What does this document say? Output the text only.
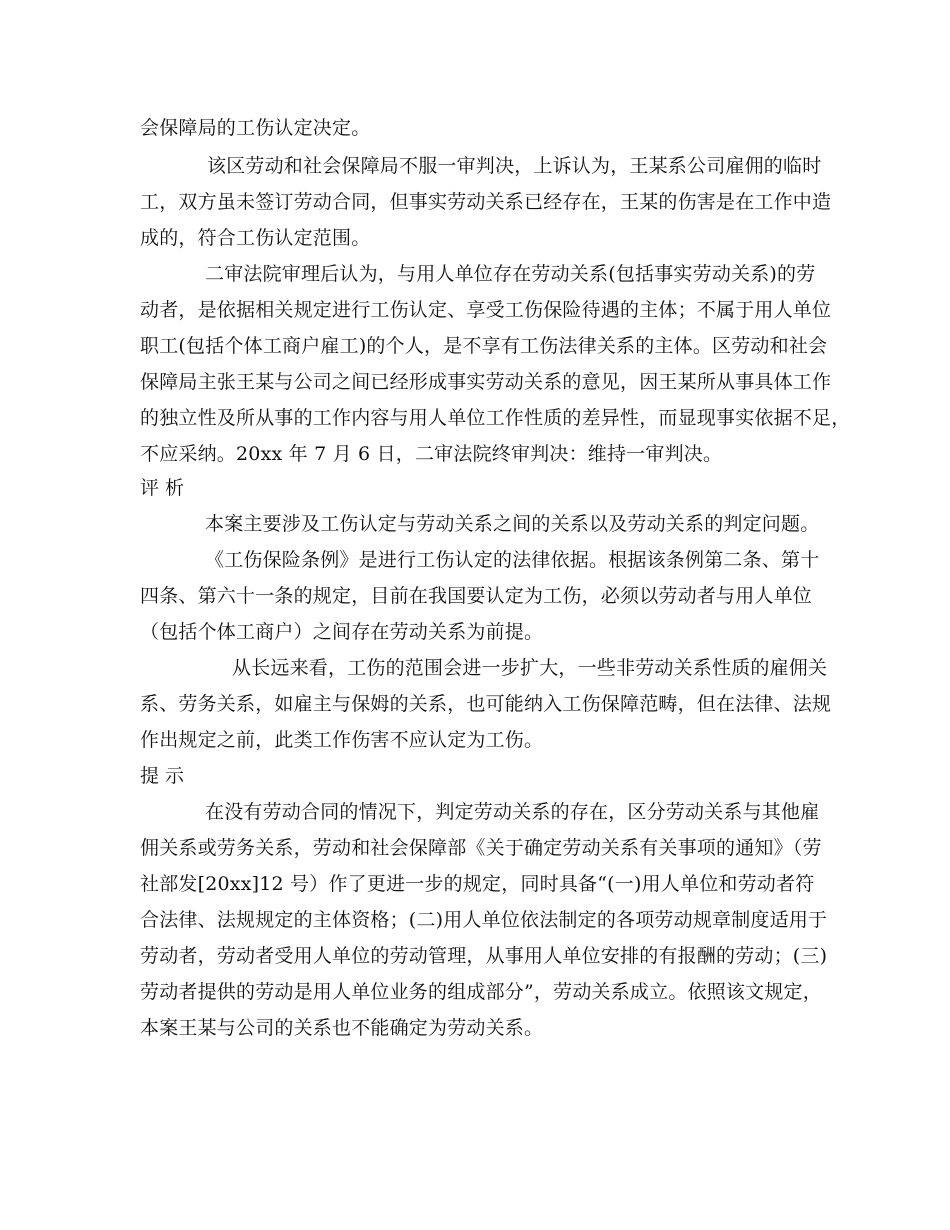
会保障局的工伤认定决定。
该区劳动和社会保障局不服一审判决，上诉认为，王某系公司雇佣的临时
工，双方虽未签订劳动合同，但事实劳动关系已经存在，王某的伤害是在工作中造
成的，符合工伤认定范围。
二审法院审理后认为，与用人单位存在劳动关系(包括事实劳动关系)的劳
动者，是依据相关规定进行工伤认定、享受工伤保险待遇的主体；不属于用人单位
职工(包括个体工商户雇工)的个人，是不享有工伤法律关系的主体。区劳动和社会
保障局主张王某与公司之间已经形成事实劳动关系的意见，因王某所从事具体工作
的独立性及所从事的工作内容与用人单位工作性质的差异性，而显现事实依据不足，
不应采纳。20xx 年 7 月 6 日，二审法院终审判决：维持一审判决。
评 析
本案主要涉及工伤认定与劳动关系之间的关系以及劳动关系的判定问题。
《工伤保险条例》是进行工伤认定的法律依据。根据该条例第二条、第十
四条、第六十一条的规定，目前在我国要认定为工伤，必须以劳动者与用人单位
（包括个体工商户）之间存在劳动关系为前提。
从长远来看，工伤的范围会进一步扩大，一些非劳动关系性质的雇佣关
系、劳务关系，如雇主与保姆的关系，也可能纳入工伤保障范畴，但在法律、法规
作出规定之前，此类工作伤害不应认定为工伤。
提 示
在没有劳动合同的情况下，判定劳动关系的存在，区分劳动关系与其他雇
佣关系或劳务关系，劳动和社会保障部《关于确定劳动关系有关事项的通知》（劳
社部发[20xx]12 号）作了更进一步的规定，同时具备“(一)用人单位和劳动者符
合法律、法规规定的主体资格；(二)用人单位依法制定的各项劳动规章制度适用于
劳动者，劳动者受用人单位的劳动管理，从事用人单位安排的有报酬的劳动；(三)
劳动者提供的劳动是用人单位业务的组成部分”，劳动关系成立。依照该文规定，
本案王某与公司的关系也不能确定为劳动关系。
